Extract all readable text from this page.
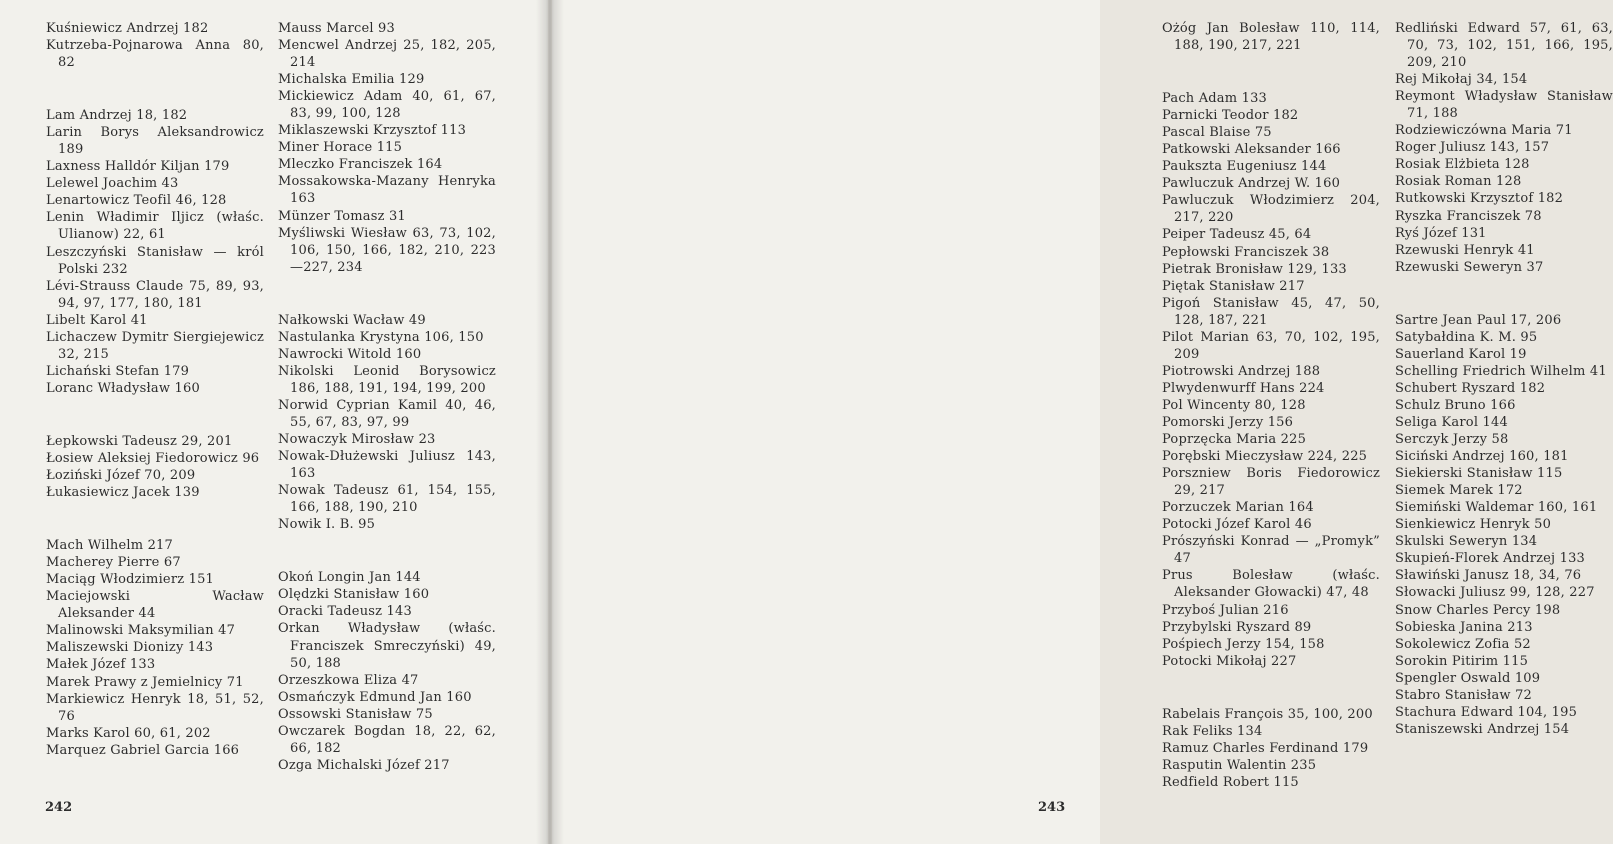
Kuśniewicz Andrzej 182
Kutrzeba-Pojnarowa Anna 80, 82
Lam Andrzej 18, 182
Larin Borys Aleksandrowicz 189
Laxness Halldór Kiljan 179
Lelewel Joachim 43
Lenartowicz Teofil 46, 128
Lenin Władimir Iljicz (właśc. Ulianow) 22, 61
Leszczyński Stanisław — król Polski 232
Lévi-Strauss Claude 75, 89, 93, 94, 97, 177, 180, 181
Libelt Karol 41
Lichaczew Dymitr Siergiejewicz 32, 215
Lichański Stefan 179
Loranc Władysław 160
Łepkowski Tadeusz 29, 201
Łosiew Aleksiej Fiedorowicz 96
Łoziński Józef 70, 209
Łukasiewicz Jacek 139
Mach Wilhelm 217
Macherey Pierre 67
Maciąg Włodzimierz 151
Maciejowski Wacław Aleksander 44
Malinowski Maksymilian 47
Maliszewski Dionizy 143
Małek Józef 133
Marek Prawy z Jemielnicy 71
Markiewicz Henryk 18, 51, 52, 76
Marks Karol 60, 61, 202
Marquez Gabriel Garcia 166
Mauss Marcel 93
Mencwel Andrzej 25, 182, 205, 214
Michalska Emilia 129
Mickiewicz Adam 40, 61, 67, 83, 99, 100, 128
Miklaszewski Krzysztof 113
Miner Horace 115
Mleczko Franciszek 164
Mossakowska-Mazany Henryka 163
Münzer Tomasz 31
Myśliwski Wiesław 63, 73, 102, 106, 150, 166, 182, 210, 223—227, 234
Nałkowski Wacław 49
Nastulanka Krystyna 106, 150
Nawrocki Witold 160
Nikolski Leonid Borysowicz 186, 188, 191, 194, 199, 200
Norwid Cyprian Kamil 40, 46, 55, 67, 83, 97, 99
Nowaczyk Mirosław 23
Nowak-Dłużewski Juliusz 143, 163
Nowak Tadeusz 61, 154, 155, 166, 188, 190, 210
Nowik I. B. 95
Okoń Longin Jan 144
Olędzki Stanisław 160
Oracki Tadeusz 143
Orkan Władysław (właśc. Franciszek Smreczyński) 49, 50, 188
Orzeszkowa Eliza 47
Osmańczyk Edmund Jan 160
Ossowski Stanisław 75
Owczarek Bogdan 18, 22, 62, 66, 182
Ozga Michalski Józef 217
Ożóg Jan Bolesław 110, 114, 188, 190, 217, 221
Pach Adam 133
Parnicki Teodor 182
Pascal Blaise 75
Patkowski Aleksander 166
Paukszta Eugeniusz 144
Pawluczuk Andrzej W. 160
Pawluczuk Włodzimierz 204, 217, 220
Peiper Tadeusz 45, 64
Pepłowski Franciszek 38
Pietrak Bronisław 129, 133
Piętak Stanisław 217
Pigoń Stanisław 45, 47, 50, 128, 187, 221
Pilot Marian 63, 70, 102, 195, 209
Piotrowski Andrzej 188
Plwydenwurff Hans 224
Pol Wincenty 80, 128
Pomorski Jerzy 156
Poprzęcka Maria 225
Porębski Mieczysław 224, 225
Porszniew Boris Fiedorowicz 29, 217
Porzuczek Marian 164
Potocki Józef Karol 46
Prószyński Konrad — „Promyk” 47
Prus Bolesław (właśc. Aleksander Głowacki) 47, 48
Przyboś Julian 216
Przybylski Ryszard 89
Pośpiech Jerzy 154, 158
Potocki Mikołaj 227
Rabelais François 35, 100, 200
Rak Feliks 134
Ramuz Charles Ferdinand 179
Rasputin Walentin 235
Redfield Robert 115
Redliński Edward 57, 61, 63, 70, 73, 102, 151, 166, 195, 209, 210
Rej Mikołaj 34, 154
Reymont Władysław Stanisław 71, 188
Rodziewiczówna Maria 71
Roger Juliusz 143, 157
Rosiak Elżbieta 128
Rosiak Roman 128
Rutkowski Krzysztof 182
Ryszka Franciszek 78
Ryś Józef 131
Rzewuski Henryk 41
Rzewuski Seweryn 37
Sartre Jean Paul 17, 206
Satybałdina K. M. 95
Sauerland Karol 19
Schelling Friedrich Wilhelm 41
Schubert Ryszard 182
Schulz Bruno 166
Seliga Karol 144
Serczyk Jerzy 58
Siciński Andrzej 160, 181
Siekierski Stanisław 115
Siemek Marek 172
Siemiński Waldemar 160, 161
Sienkiewicz Henryk 50
Skulski Seweryn 134
Skupień-Florek Andrzej 133
Sławiński Janusz 18, 34, 76
Słowacki Juliusz 99, 128, 227
Snow Charles Percy 198
Sobieska Janina 213
Sokolewicz Zofia 52
Sorokin Pitirim 115
Spengler Oswald 109
Stabro Stanisław 72
Stachura Edward 104, 195
Staniszewski Andrzej 154
242	243
